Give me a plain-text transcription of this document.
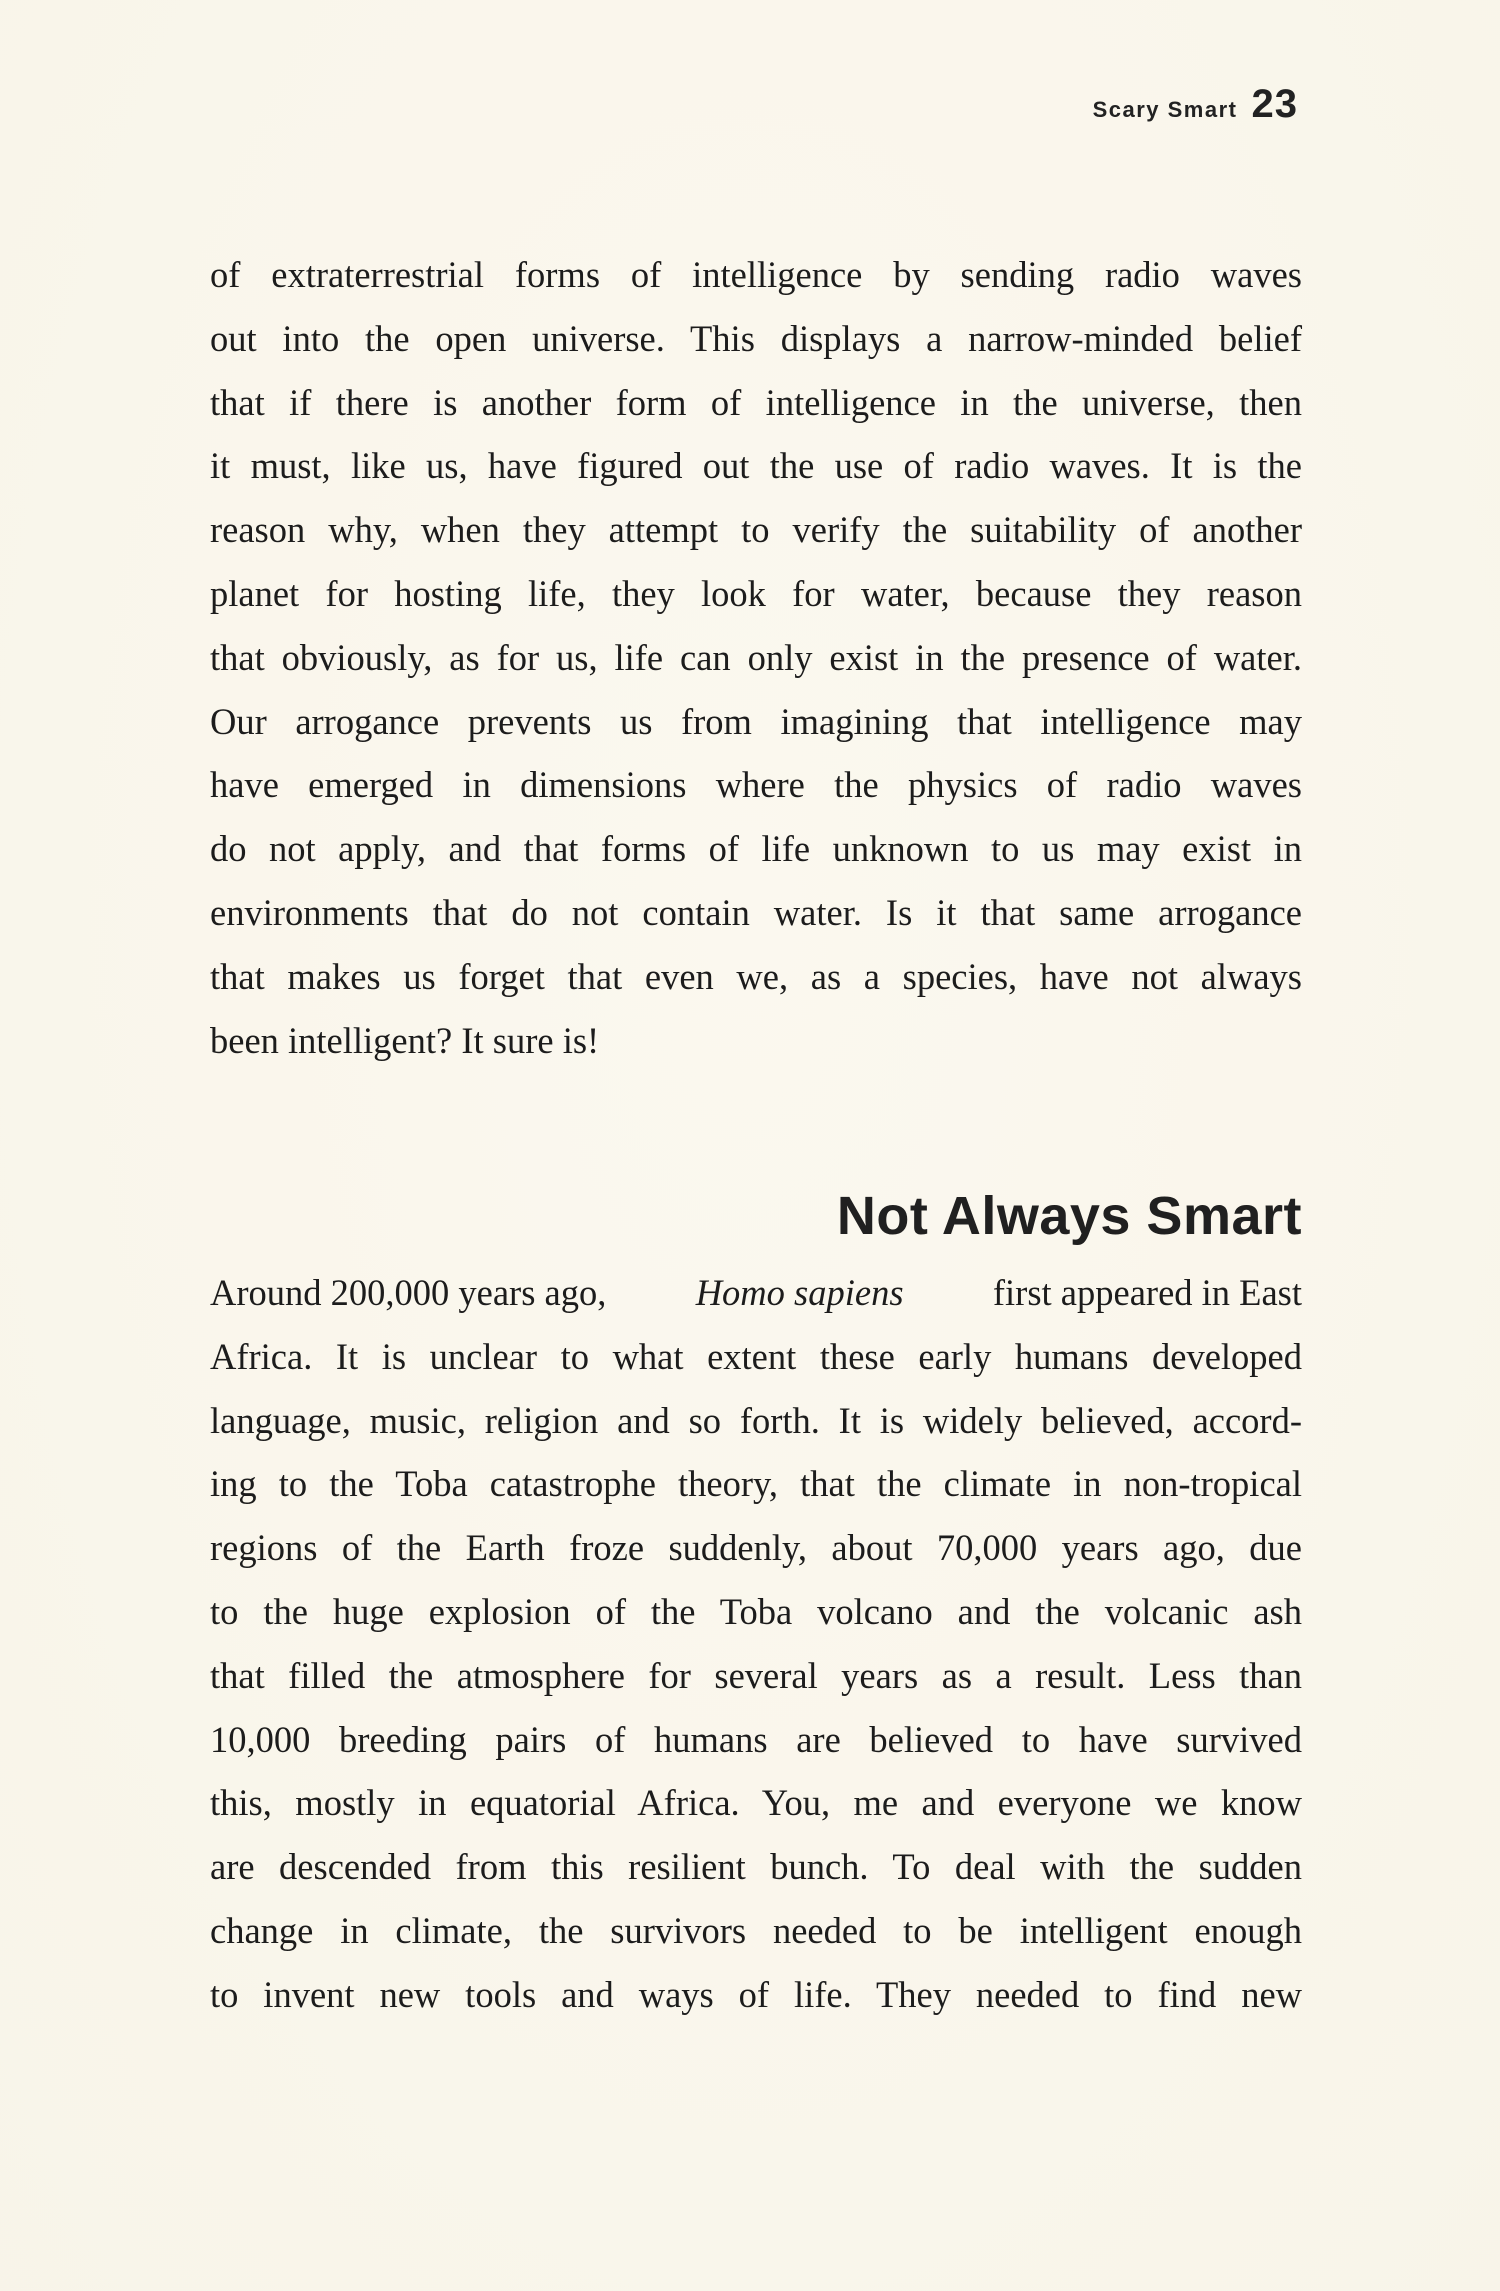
Scary Smart 23

of extraterrestrial forms of intelligence by sending radio waves
out into the open universe. This displays a narrow-minded belief
that if there is another form of intelligence in the universe, then
it must, like us, have figured out the use of radio waves. It is the
reason why, when they attempt to verify the suitability of another
planet for hosting life, they look for water, because they reason
that obviously, as for us, life can only exist in the presence of water.
Our arrogance prevents us from imagining that intelligence may
have emerged in dimensions where the physics of radio waves
do not apply, and that forms of life unknown to us may exist in
environments that do not contain water. Is it that same arrogance
that makes us forget that even we, as a species, have not always
been intelligent? It sure is!

Not Always Smart

Around 200,000 years ago, Homo sapiens first appeared in East
Africa. It is unclear to what extent these early humans developed
language, music, religion and so forth. It is widely believed, accord-
ing to the Toba catastrophe theory, that the climate in non-tropical
regions of the Earth froze suddenly, about 70,000 years ago, due
to the huge explosion of the Toba volcano and the volcanic ash
that filled the atmosphere for several years as a result. Less than
10,000 breeding pairs of humans are believed to have survived
this, mostly in equatorial Africa. You, me and everyone we know
are descended from this resilient bunch. To deal with the sudden
change in climate, the survivors needed to be intelligent enough
to invent new tools and ways of life. They needed to find new
